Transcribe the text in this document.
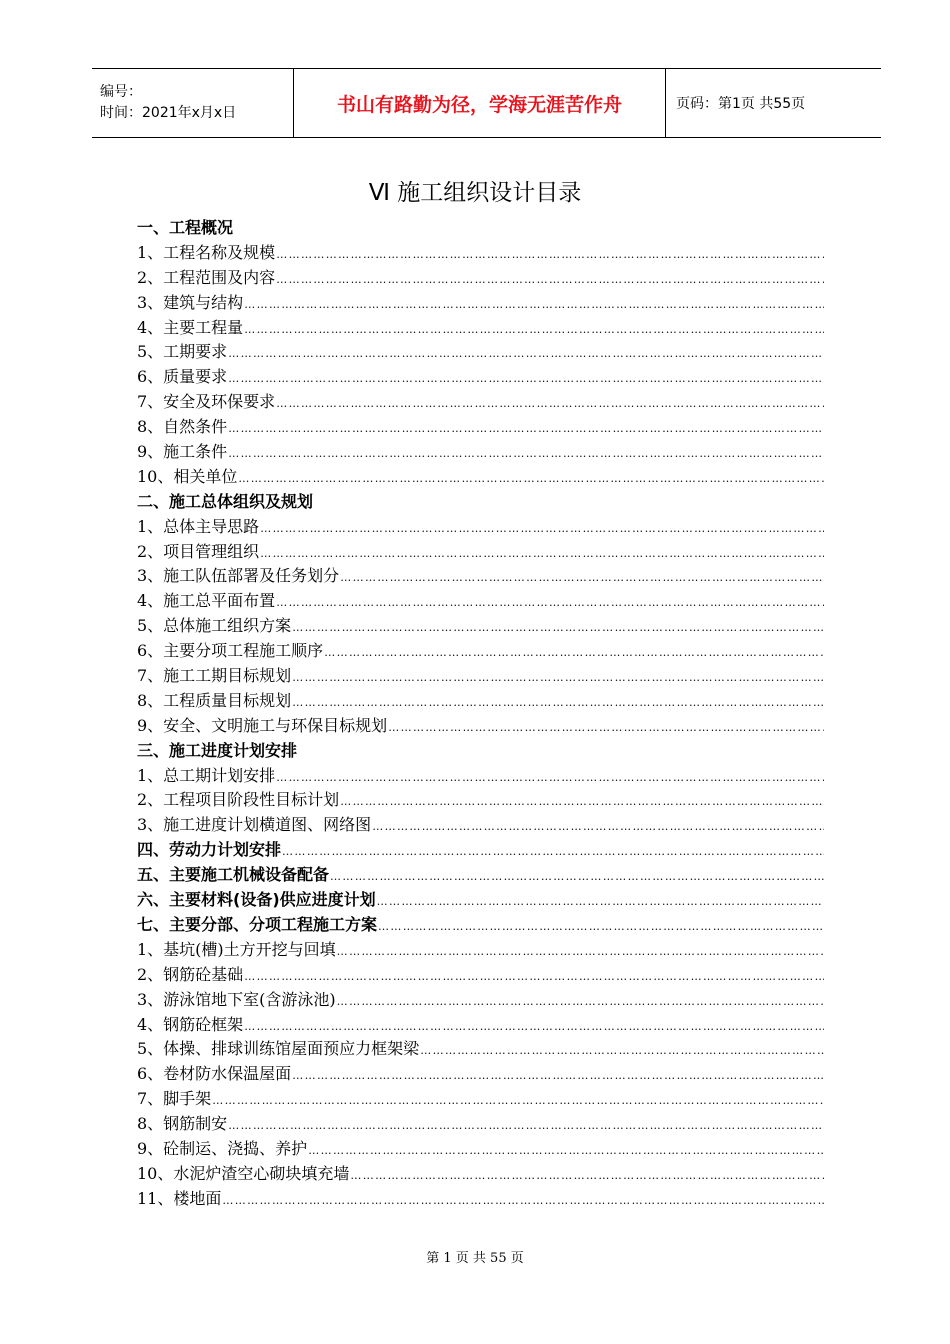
编号：
时间：2021年x月x日	书山有路勤为径，学海无涯苦作舟	页码：第1页 共55页
Ⅵ 施工组织设计目录
一、工程概况
1、工程名称及规模
…………………………………………………………………………………………………………………………………………………………………………………………
2、工程范围及内容
…………………………………………………………………………………………………………………………………………………………………………………………
3、建筑与结构
…………………………………………………………………………………………………………………………………………………………………………………………
4、主要工程量
…………………………………………………………………………………………………………………………………………………………………………………………
5、工期要求
…………………………………………………………………………………………………………………………………………………………………………………………
6、质量要求
…………………………………………………………………………………………………………………………………………………………………………………………
7、安全及环保要求
…………………………………………………………………………………………………………………………………………………………………………………………
8、自然条件
…………………………………………………………………………………………………………………………………………………………………………………………
9、施工条件
…………………………………………………………………………………………………………………………………………………………………………………………
10、相关单位
…………………………………………………………………………………………………………………………………………………………………………………………
二、施工总体组织及规划
1、总体主导思路
…………………………………………………………………………………………………………………………………………………………………………………………
2、项目管理组织
…………………………………………………………………………………………………………………………………………………………………………………………
3、施工队伍部署及任务划分
…………………………………………………………………………………………………………………………………………………………………………………………
4、施工总平面布置
…………………………………………………………………………………………………………………………………………………………………………………………
5、总体施工组织方案
…………………………………………………………………………………………………………………………………………………………………………………………
6、主要分项工程施工顺序
…………………………………………………………………………………………………………………………………………………………………………………………
7、施工工期目标规划
…………………………………………………………………………………………………………………………………………………………………………………………
8、工程质量目标规划
…………………………………………………………………………………………………………………………………………………………………………………………
9、安全、文明施工与环保目标规划
…………………………………………………………………………………………………………………………………………………………………………………………
三、施工进度计划安排
1、总工期计划安排
…………………………………………………………………………………………………………………………………………………………………………………………
2、工程项目阶段性目标计划
…………………………………………………………………………………………………………………………………………………………………………………………
3、施工进度计划横道图、网络图
…………………………………………………………………………………………………………………………………………………………………………………………
四、劳动力计划安排
…………………………………………………………………………………………………………………………………………………………………………………………
五、主要施工机械设备配备
…………………………………………………………………………………………………………………………………………………………………………………………
六、主要材料(设备)供应进度计划
…………………………………………………………………………………………………………………………………………………………………………………………
七、主要分部、分项工程施工方案
…………………………………………………………………………………………………………………………………………………………………………………………
1、基坑(槽)土方开挖与回填
…………………………………………………………………………………………………………………………………………………………………………………………
2、钢筋砼基础
…………………………………………………………………………………………………………………………………………………………………………………………
3、游泳馆地下室(含游泳池)
…………………………………………………………………………………………………………………………………………………………………………………………
4、钢筋砼框架
…………………………………………………………………………………………………………………………………………………………………………………………
5、体操、排球训练馆屋面预应力框架梁
…………………………………………………………………………………………………………………………………………………………………………………………
6、卷材防水保温屋面
…………………………………………………………………………………………………………………………………………………………………………………………
7、脚手架
…………………………………………………………………………………………………………………………………………………………………………………………
8、钢筋制安
…………………………………………………………………………………………………………………………………………………………………………………………
9、砼制运、浇捣、养护
…………………………………………………………………………………………………………………………………………………………………………………………
10、水泥炉渣空心砌块填充墙
…………………………………………………………………………………………………………………………………………………………………………………………
11、楼地面
…………………………………………………………………………………………………………………………………………………………………………………………
第 1 页 共 55 页
